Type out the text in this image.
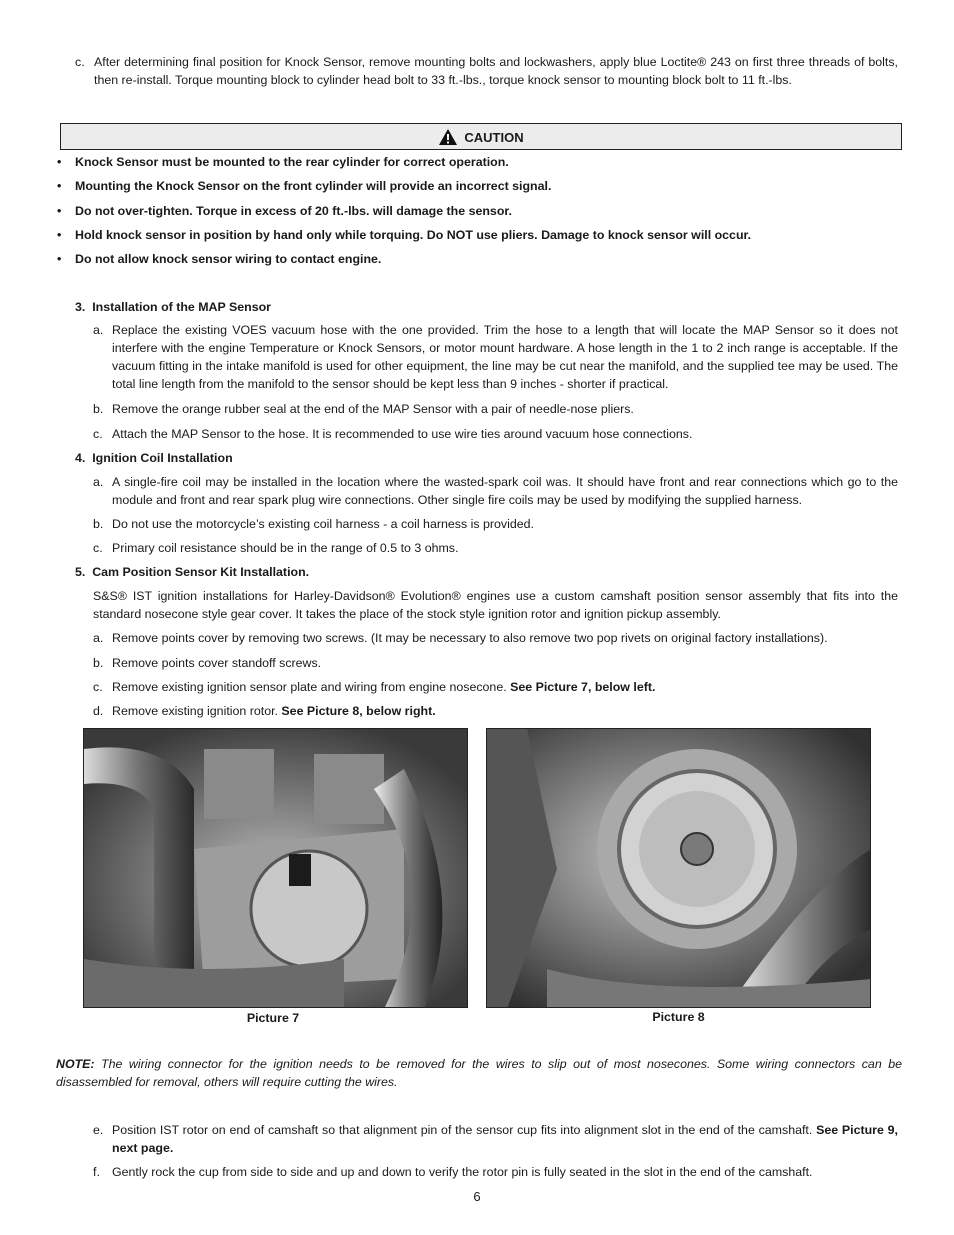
c. After determining final position for Knock Sensor, remove mounting bolts and lockwashers, apply blue Loctite® 243 on first three threads of bolts, then re-install. Torque mounting block to cylinder head bolt to 33 ft.-lbs., torque knock sensor to mounting block bolt to 11 ft.-lbs.
CAUTION
• Knock Sensor must be mounted to the rear cylinder for correct operation.
• Mounting the Knock Sensor on the front cylinder will provide an incorrect signal.
• Do not over-tighten. Torque in excess of 20 ft.-lbs. will damage the sensor.
• Hold knock sensor in position by hand only while torquing. Do NOT use pliers. Damage to knock sensor will occur.
• Do not allow knock sensor wiring to contact engine.
3.  Installation of the MAP Sensor
a. Replace the existing VOES vacuum hose with the one provided. Trim the hose to a length that will locate the MAP Sensor so it does not interfere with the engine Temperature or Knock Sensors, or motor mount hardware. A hose length in the 1 to 2 inch range is acceptable. If the vacuum fitting in the intake manifold is used for other equipment, the line may be cut near the manifold, and the supplied tee may be used. The total line length from the manifold to the sensor should be kept less than 9 inches - shorter if practical.
b. Remove the orange rubber seal at the end of the MAP Sensor with a pair of needle-nose pliers.
c. Attach the MAP Sensor to the hose. It is recommended to use wire ties around vacuum hose connections.
4.  Ignition Coil Installation
a. A single-fire coil may be installed in the location where the wasted-spark coil was. It should have front and rear connections which go to the module and front and rear spark plug wire connections. Other single fire coils may be used by modifying the supplied harness.
b. Do not use the motorcycle’s existing coil harness - a coil harness is provided.
c. Primary coil resistance should be in the range of 0.5 to 3 ohms.
5.  Cam Position Sensor Kit Installation.
S&S® IST ignition installations for Harley-Davidson® Evolution® engines use a custom camshaft position sensor assembly that fits into the standard nosecone style gear cover. It takes the place of the stock style ignition rotor and ignition pickup assembly.
a. Remove points cover by removing two screws. (It may be necessary to also remove two pop rivets on original factory installations).
b. Remove points cover standoff screws.
c. Remove existing ignition sensor plate and wiring from engine nosecone. See Picture 7, below left.
d. Remove existing ignition rotor. See Picture 8, below right.
Picture 7	Picture 8
NOTE: The wiring connector for the ignition needs to be removed for the wires to slip out of most nosecones. Some wiring connectors can be disassembled for removal, others will require cutting the wires.
e. Position IST rotor on end of camshaft so that alignment pin of the sensor cup fits into alignment slot in the end of the camshaft. See Picture 9, next page.
f. Gently rock the cup from side to side and up and down to verify the rotor pin is fully seated in the slot in the end of the camshaft.
6
